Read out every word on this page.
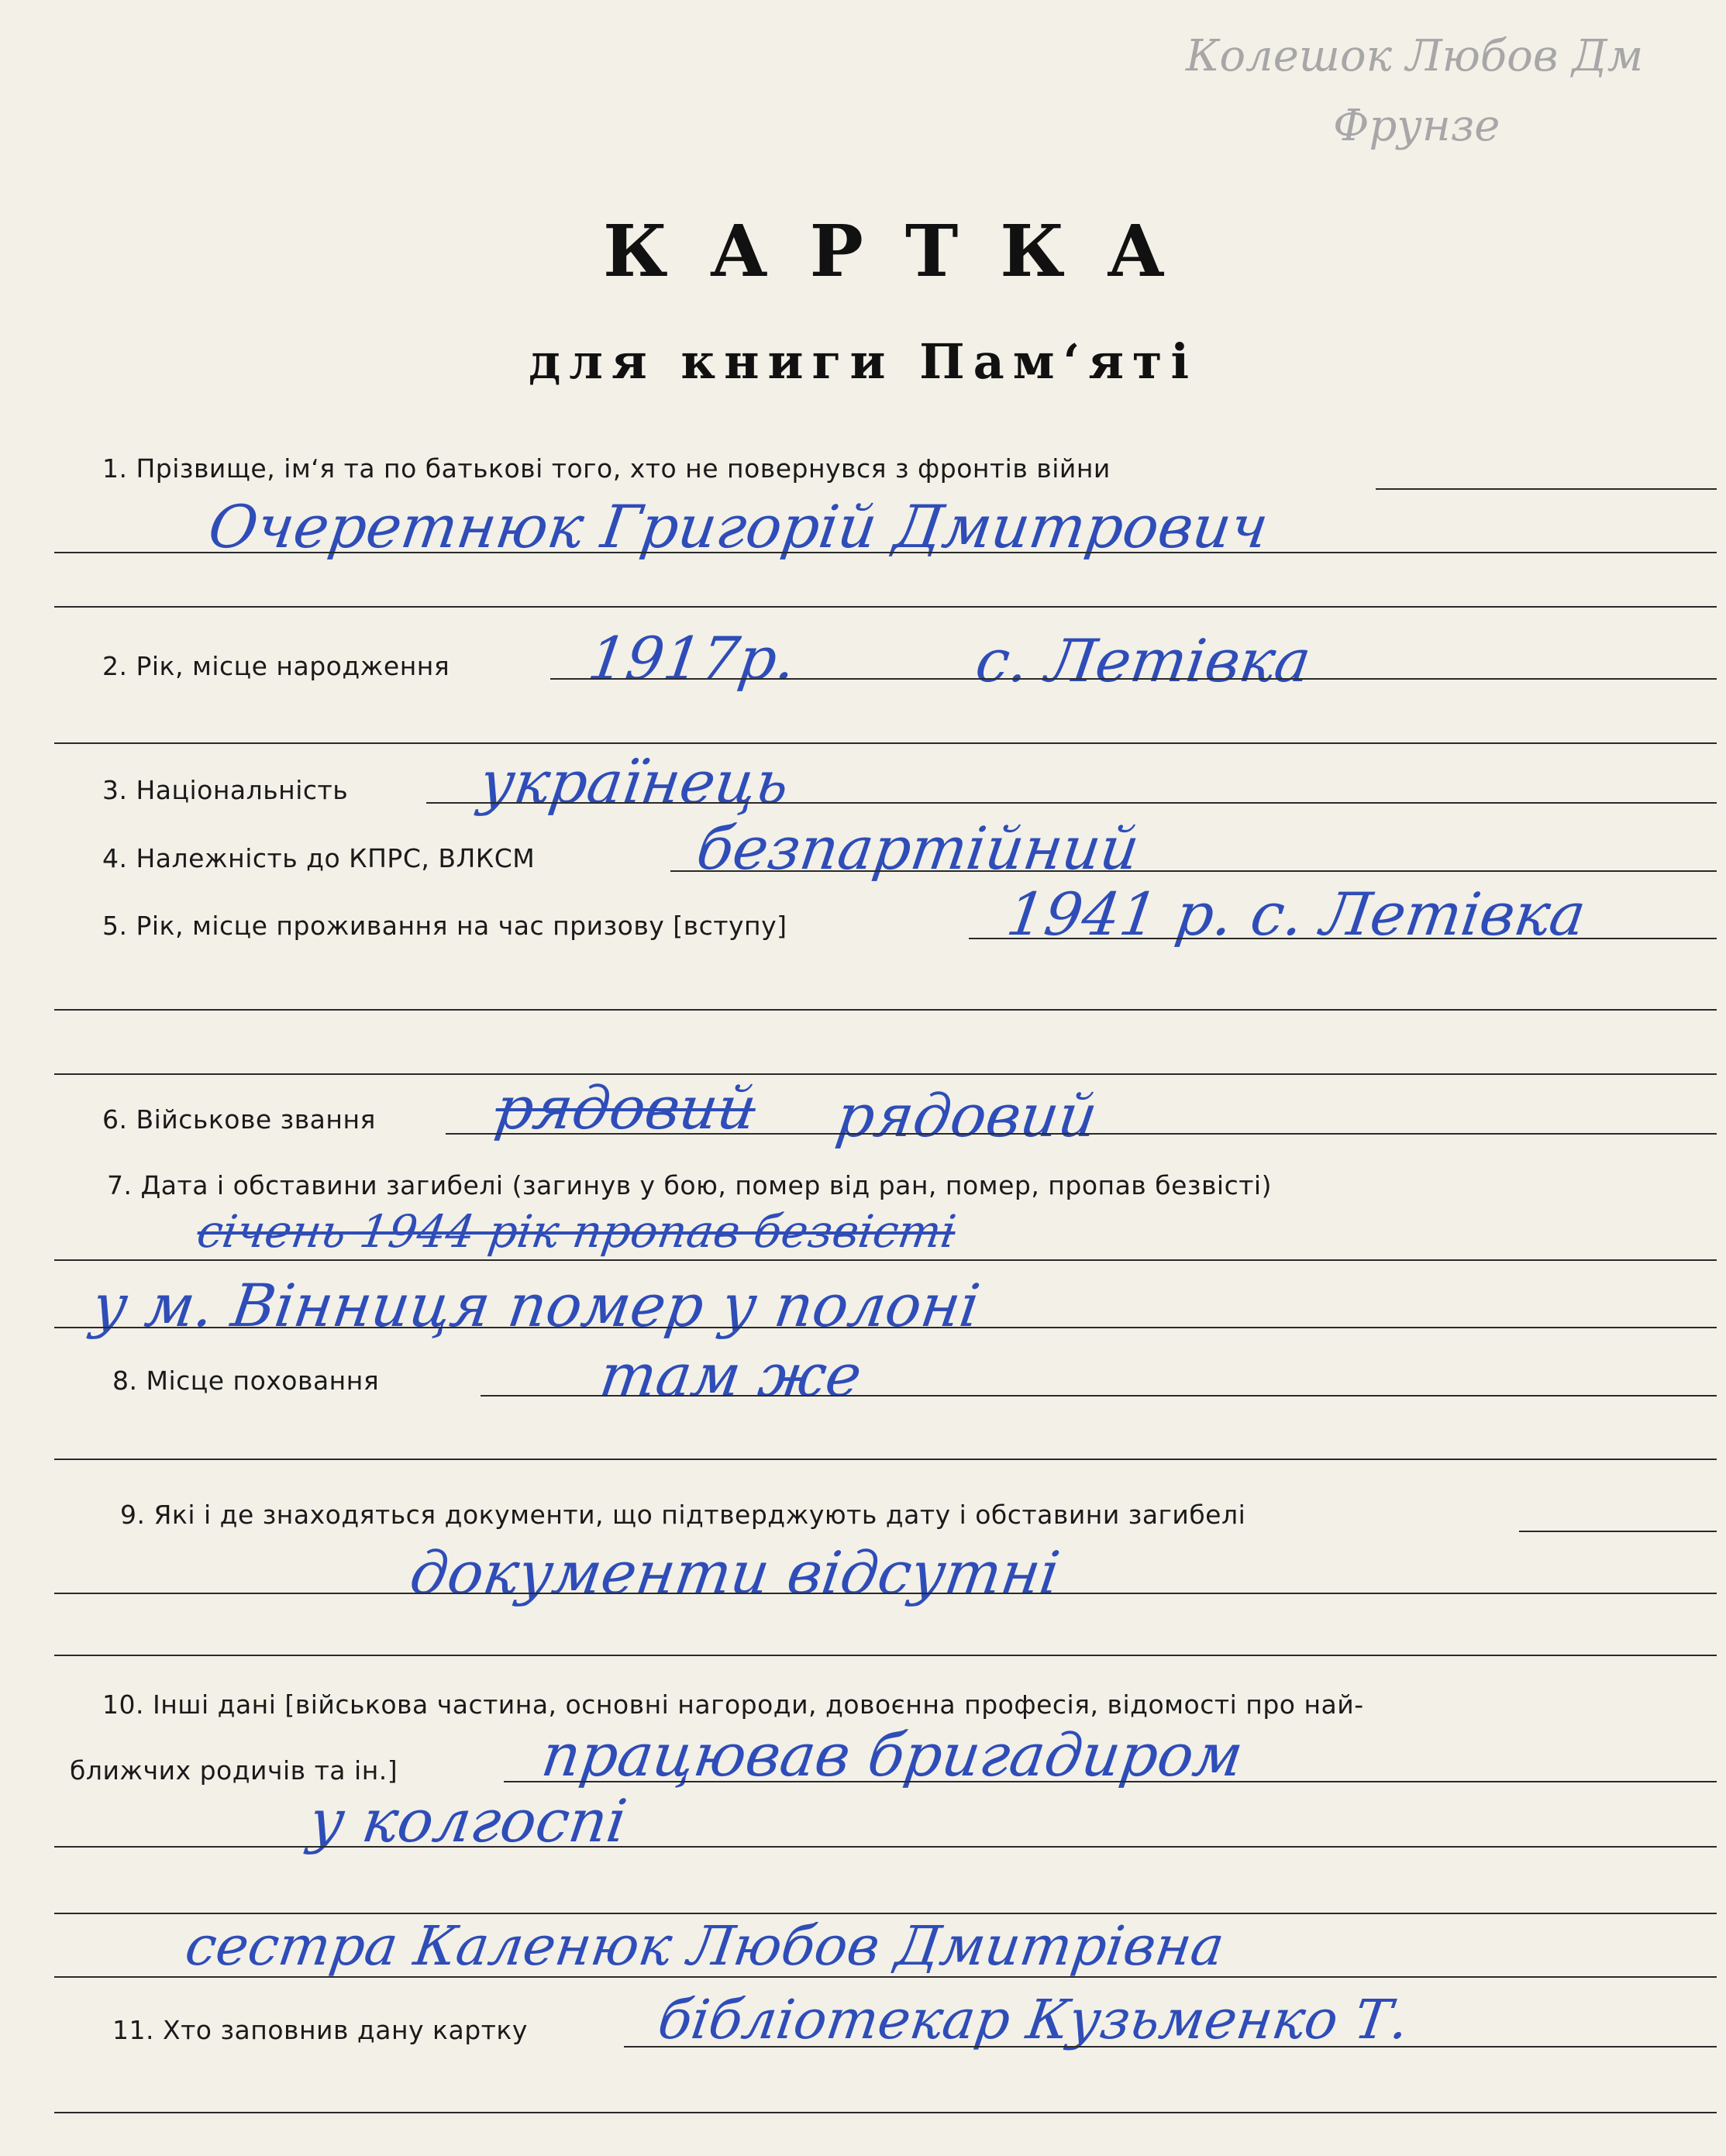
Колешок Любов Дм
Фрунзе
КАРТКА
для книги Пам‘яті
1. Прізвище, ім‘я та по батькові того, хто не повернувся з фронтів війни
Очеретнюк Григорій Дмитрович
2. Рік, місце народження 1917р.	с. Летівка
3. Національність українець
4. Належність до КПРС, ВЛКСМ	безпартійний
5. Рік, місце проживання на час призову [вступу]	1941 р. с. Летівка
6. Військове звання рядовий рядовий
7. Дата і обставини загибелі (загинув у бою, помер від ран, помер, пропав безвісті)
січень 1944 рік пропав безвісті
у м. Вінниця помер у полоні
8. Місце поховання	там же
9. Які і де знаходяться документи, що підтверджують дату і обставини загибелі
документи відсутні
10. Інші дані [військова частина, основні нагороди, довоєнна професія, відомості про най-
ближчих родичів та ін.] працював бригадиром
у колгоспі
сестра Каленюк Любов Дмитрівна
11. Хто заповнив дану картку бібліотекар Кузьменко Т.
